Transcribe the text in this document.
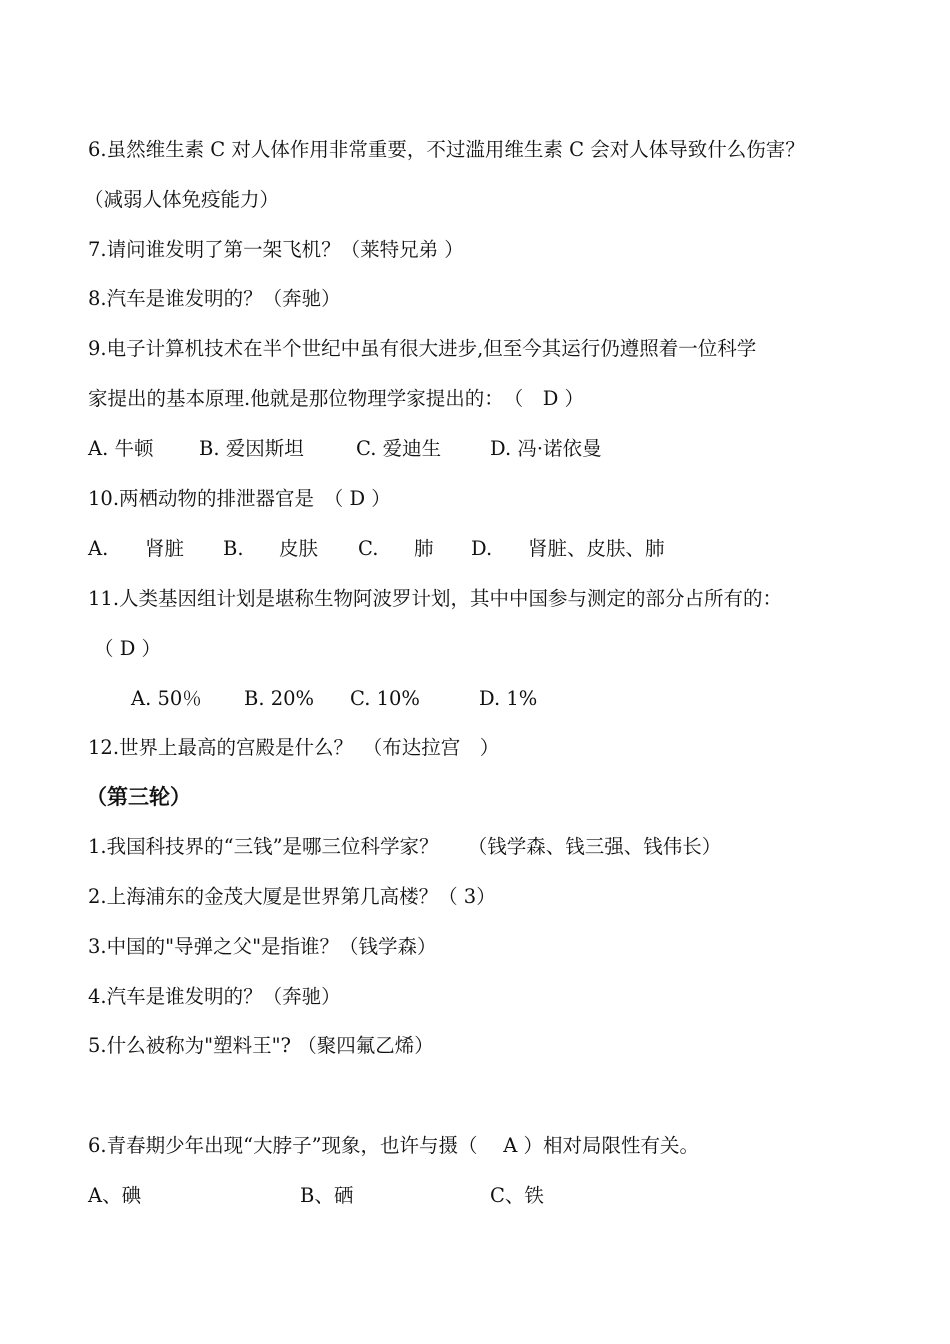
6.虽然维生素 C 对人体作用非常重要，不过滥用维生素 C 会对人体导致什么伤害？

（减弱人体免疫能力）

7.请问谁发明了第一架飞机？（莱特兄弟 ）

8.汽车是谁发明的？（奔驰）

9.电子计算机技术在半个世纪中虽有很大进步,但至今其运行仍遵照着一位科学

家提出的基本原理.他就是那位物理学家提出的：　（　D ）

A. 牛顿 B. 爱因斯坦	C. 爱迪生	D. 冯·诺依曼

10.两栖动物的排泄器官是　（ D ）

A. 肾脏 B. 皮肤 C. 肺 D. 肾脏、皮肤、肺

11.人类基因组计划是堪称生物阿波罗计划，其中中国参与测定的部分占所有的：

（ D ）

A. 50％ B. 20% C. 10%	D. 1%

12.世界上最高的宫殿是什么？　（布达拉宫　）

（第三轮）

1.我国科技界的“三钱”是哪三位科学家？　　（钱学森、钱三强、钱伟长）

2.上海浦东的金茂大厦是世界第几高楼？（ 3）

3.中国的"导弹之父"是指谁？（钱学森）

4.汽车是谁发明的？（奔驰）

5.什么被称为"塑料王"? （聚四氟乙烯）

6.青春期少年出现“大脖子”现象，也许与摄（　 A ）相对局限性有关。

A、碘	B、硒	C、铁
